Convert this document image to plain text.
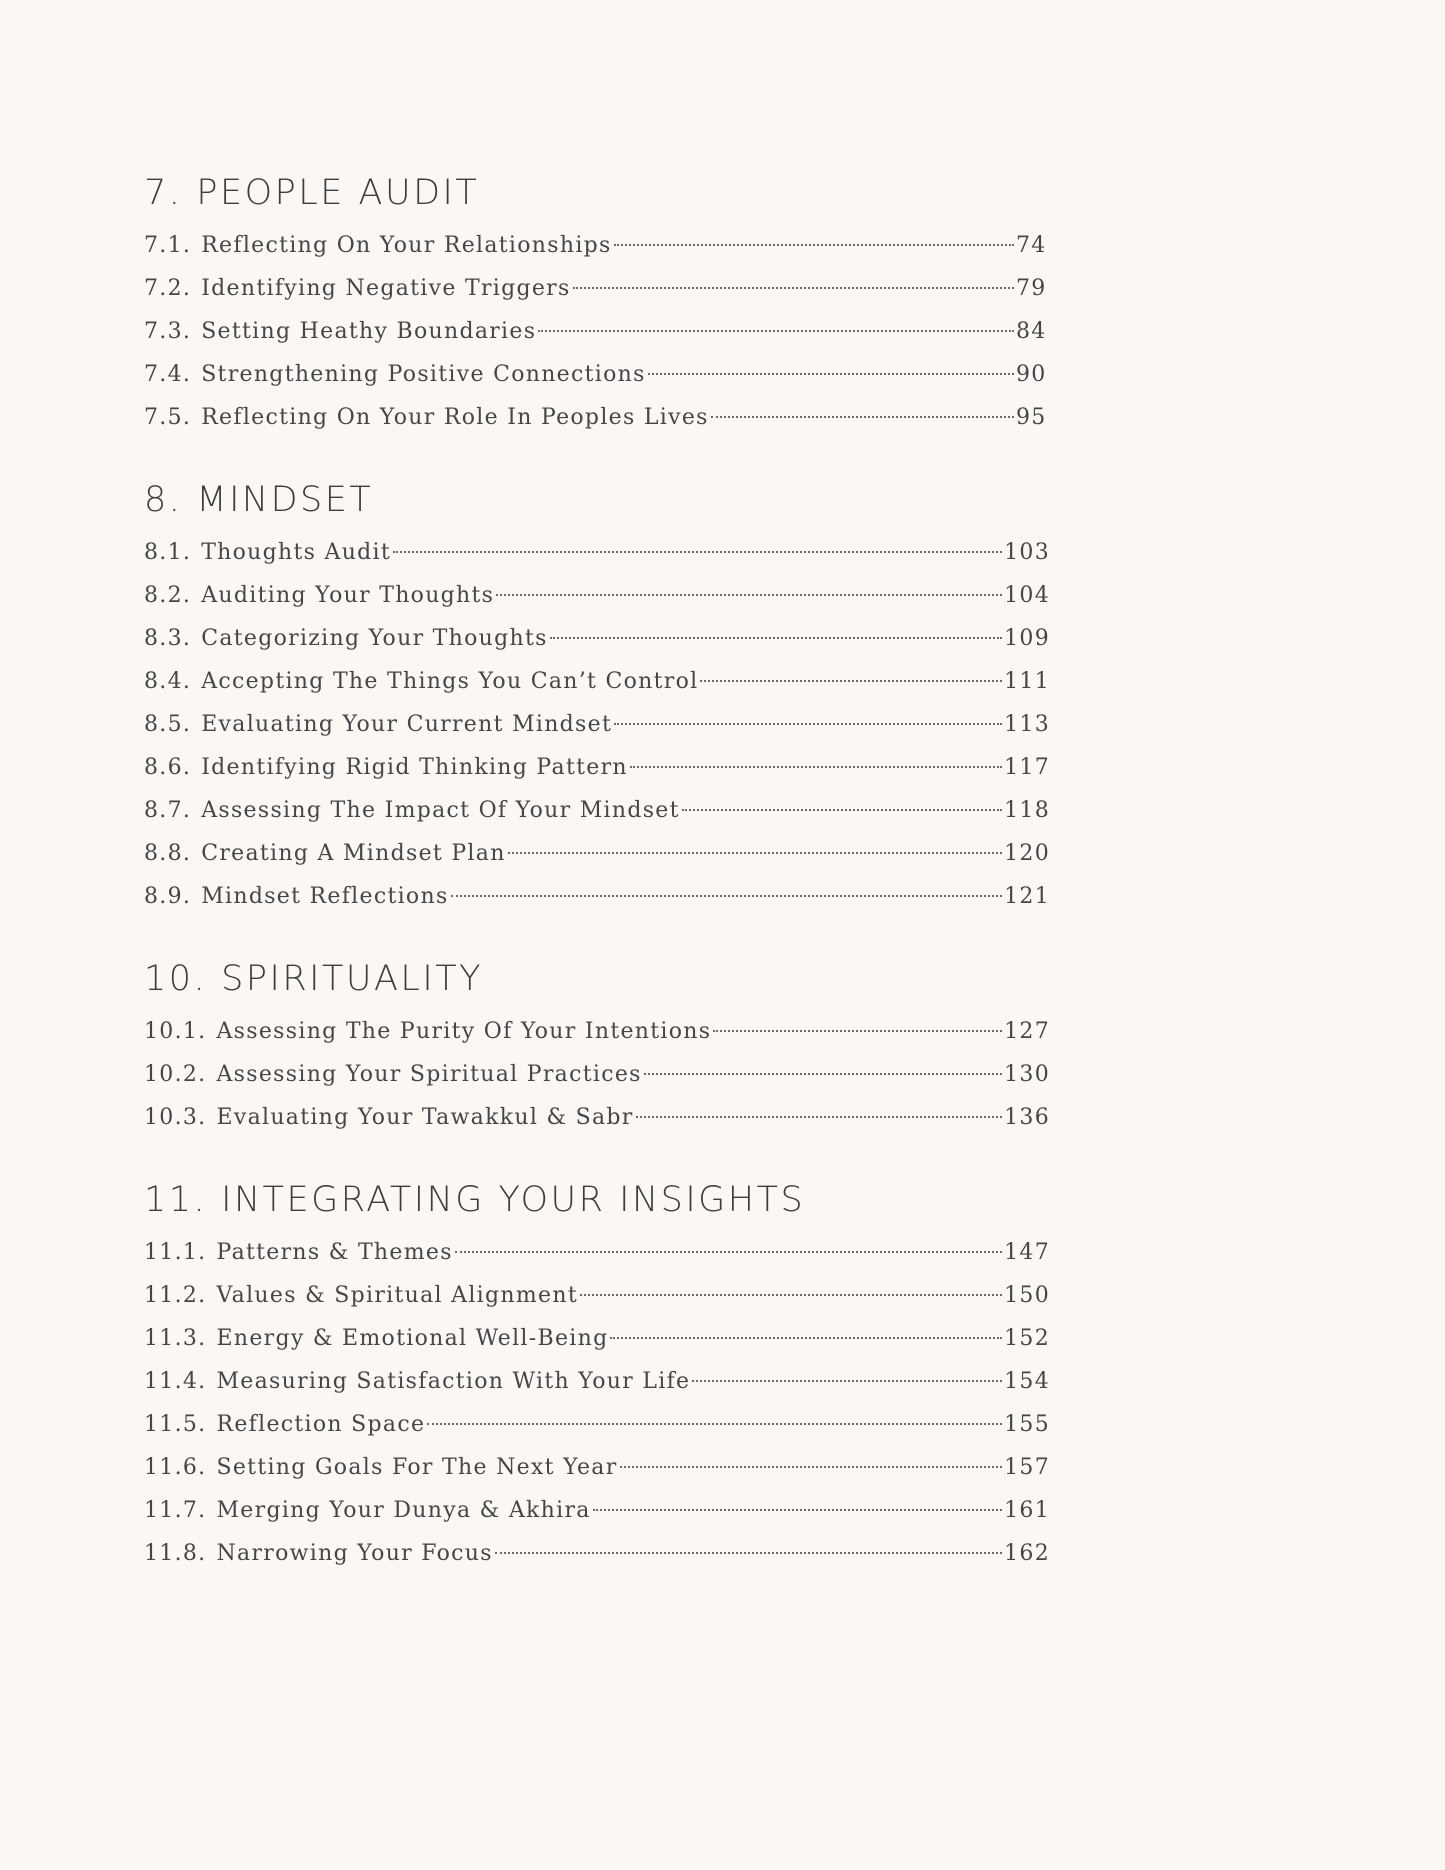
7. PEOPLE AUDIT
7.1. Reflecting On Your Relationships	74
7.2. Identifying Negative Triggers	79
7.3. Setting Heathy Boundaries	84
7.4. Strengthening Positive Connections	90
7.5. Reflecting On Your Role In Peoples Lives	95
8. MINDSET
8.1. Thoughts Audit	103
8.2. Auditing Your Thoughts	104
8.3. Categorizing Your Thoughts	109
8.4. Accepting The Things You Can’t Control	111
8.5. Evaluating Your Current Mindset	113
8.6. Identifying Rigid Thinking Pattern	117
8.7. Assessing The Impact Of Your Mindset	118
8.8. Creating A Mindset Plan	120
8.9. Mindset Reflections	121
10. SPIRITUALITY
10.1. Assessing The Purity Of Your Intentions	127
10.2. Assessing Your Spiritual Practices	130
10.3. Evaluating Your Tawakkul & Sabr	136
11. INTEGRATING YOUR INSIGHTS
11.1. Patterns & Themes	147
11.2. Values & Spiritual Alignment	150
11.3. Energy & Emotional Well-Being	152
11.4. Measuring Satisfaction With Your Life	154
11.5. Reflection Space	155
11.6. Setting Goals For The Next Year	157
11.7. Merging Your Dunya & Akhira	161
11.8. Narrowing Your Focus	162
